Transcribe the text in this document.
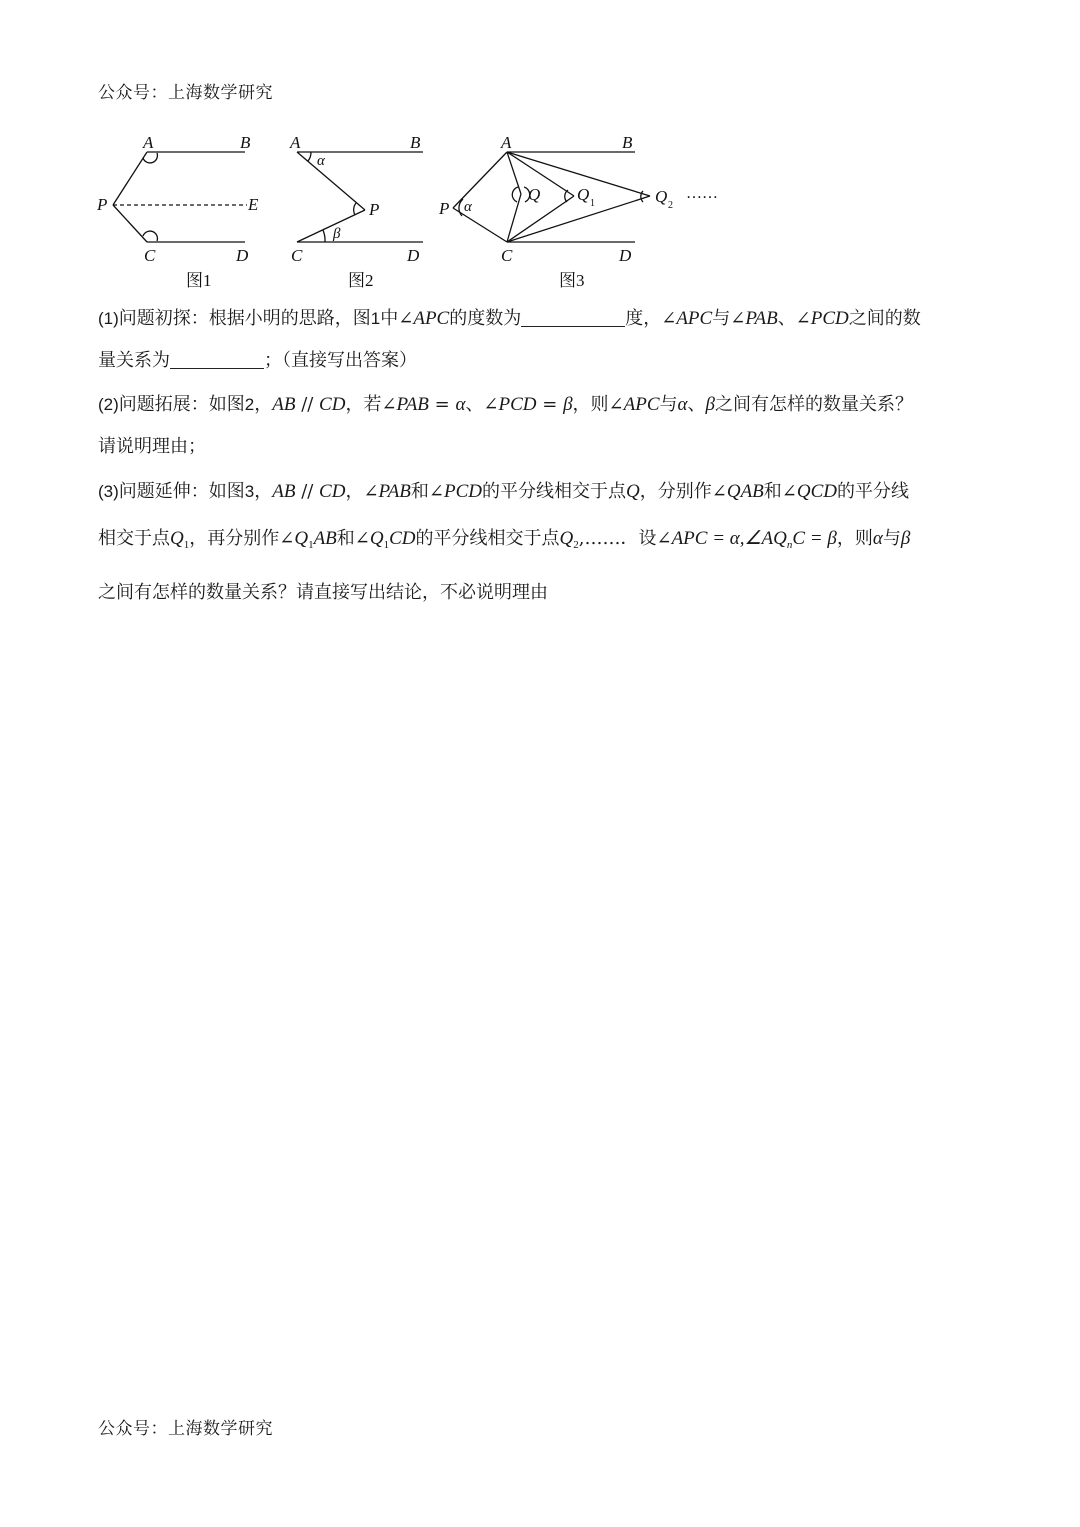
公众号：上海数学研究
A	B
P	E
C	D
图1
A	B
α
P
β
C	D
图2
A	B
P α
Q Q 1	Q 2
……
C	D
图3
(1)问题初探：根据小明的思路，图1中∠APC的度数为	度，∠APC与∠PAB、∠PCD之间的数
量关系为	；（直接写出答案）
(2)问题拓展：如图2，AB // CD，若∠PAB = α、∠PCD = β，则∠APC与α、β之间有怎样的数量关系？
请说明理由；
(3)问题延伸：如图3，AB // CD，∠PAB和∠PCD的平分线相交于点Q，分别作∠QAB和∠QCD的平分线
相交于点$Q_1$，再分别作$\angle Q_1AB$和$\angle Q_1CD$的平分线相交于点$Q_2,\dots\dots$．设∠APC = $\alpha,\angle AQ_nC = \beta$，则α与β
之间有怎样的数量关系？请直接写出结论，不必说明理由
公众号：上海数学研究
